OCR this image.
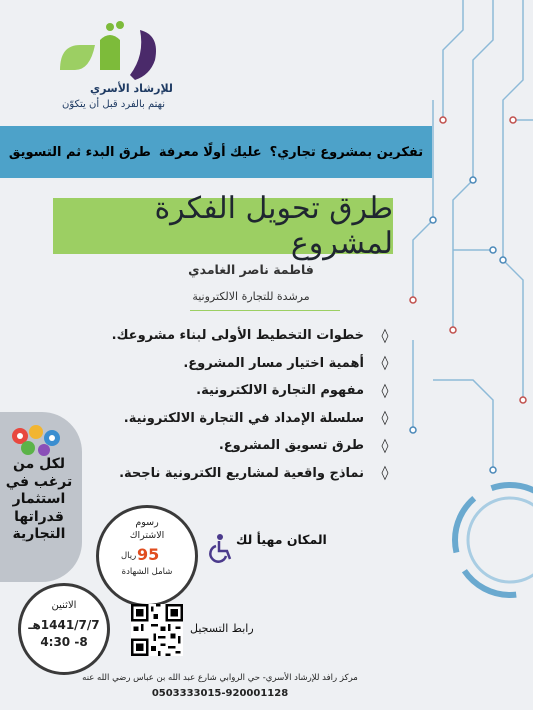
للإرشاد الأسري
نهتم بالفرد قبل أن يتكوّن
تفكرين بمشروع تجاري؟
عليك أولًا معرفة
طرق البدء ثم التسويق
طرق تحويل الفكرة لمشروع
فاطمة ناصر الغامدي
مرشدة للتجارة الالكترونية
◊
خطوات التخطيط الأولى لبناء مشروعك.
◊
أهمية اختيار مسار المشروع.
◊
مفهوم التجارة الالكترونية.
◊
سلسلة الإمداد في التجارة الالكترونية.
◊
طرق تسويق المشروع.
◊
نماذج واقعية لمشاريع الكترونية ناجحة.
لكل من
ترغب في
استثمار
قدراتها
التجارية
رسوم
الاشتراك
95
ريال
شامل الشهادة
الاثنين
1441/7/7هـ
4:30 -8
المكان مهيأ لك
رابط التسجيل
مركز رافد للإرشاد الأسري- حي الروابي شارع عبد الله بن عباس رضي الله عنه
0503333015-920001128
